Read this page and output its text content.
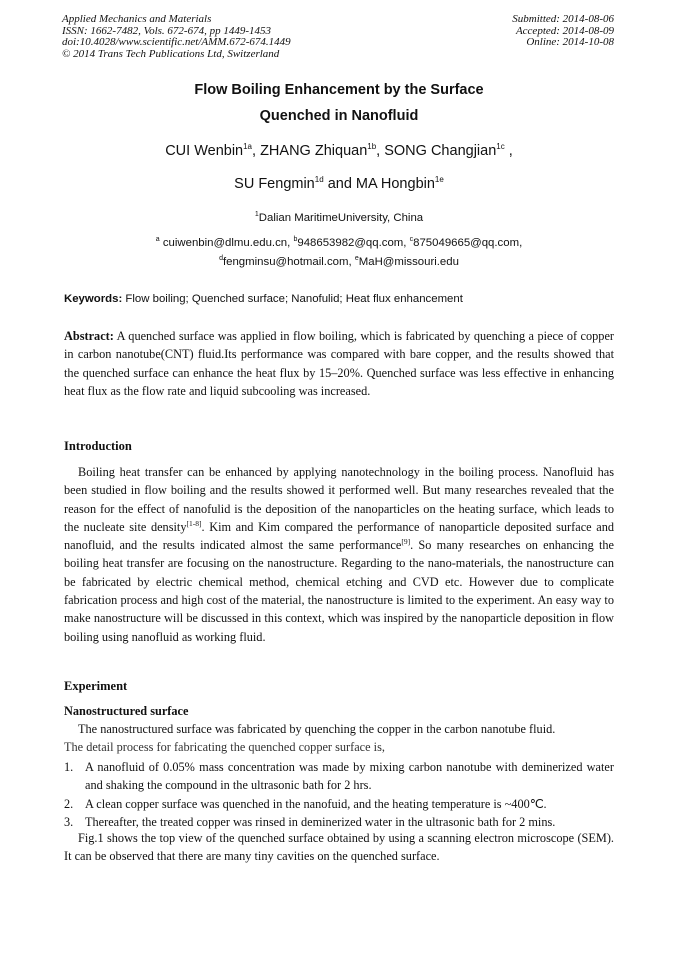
Applied Mechanics and Materials
ISSN: 1662-7482, Vols. 672-674, pp 1449-1453
doi:10.4028/www.scientific.net/AMM.672-674.1449
© 2014 Trans Tech Publications Ltd, Switzerland
Submitted: 2014-08-06
Accepted: 2014-08-09
Online: 2014-10-08
Flow Boiling Enhancement by the Surface
Quenched in Nanofluid
CUI Wenbin$^{1a}$, ZHANG Zhiquan$^{1b}$, SONG Changjian$^{1c}$ ,
SU Fengmin$^{1d}$ and MA Hongbin$^{1e}$
$^1$Dalian MaritimeUniversity, China
$^a$ cuiwenbin@dlmu.edu.cn, $^b$948653982@qq.com, $^c$875049665@qq.com,
$^d$fengminsu@hotmail.com, $^e$MaH@missouri.edu
Keywords: Flow boiling; Quenched surface; Nanofulid; Heat flux enhancement
Abstract: A quenched surface was applied in flow boiling, which is fabricated by quenching a piece of copper in carbon nanotube(CNT) fluid.Its performance was compared with bare copper, and the results showed that the quenched surface can enhance the heat flux by 15–20%. Quenched surface was less effective in enhancing heat flux as the flow rate and liquid subcooling was increased.
Introduction
Boiling heat transfer can be enhanced by applying nanotechnology in the boiling process. Nanofluid has been studied in flow boiling and the results showed it performed well. But many researches revealed that the reason for the effect of nanofulid is the deposition of the nanoparticles on the heating surface, which leads to the nucleate site density[1-8]. Kim and Kim compared the performance of nanoparticle deposited surface and nanofluid, and the results indicated almost the same performance[9]. So many researches on enhancing the boiling heat transfer are focusing on the nanostructure. Regarding to the nano-materials, the nanostructure can be fabricated by electric chemical method, chemical etching and CVD etc. However due to complicate fabrication process and high cost of the material, the nanostructure is limited to the experiment. An easy way to make nanostructure will be discussed in this context, which was inspired by the nanoparticle deposition in flow boiling using nanofluid as working fluid.
Experiment
Nanostructured surface
The nanostructured surface was fabricated by quenching the copper in the carbon nanotube fluid.
The detail process for fabricating the quenched copper surface is,
1. A nanofluid of 0.05% mass concentration was made by mixing carbon nanotube with deminerized water and shaking the compound in the ultrasonic bath for 2 hrs.
2. A clean copper surface was quenched in the nanofuid, and the heating temperature is ~400℃.
3. Thereafter, the treated copper was rinsed in deminerized water in the ultrasonic bath for 2 mins.
Fig.1 shows the top view of the quenched surface obtained by using a scanning electron microscope (SEM). It can be observed that there are many tiny cavities on the quenched surface.
